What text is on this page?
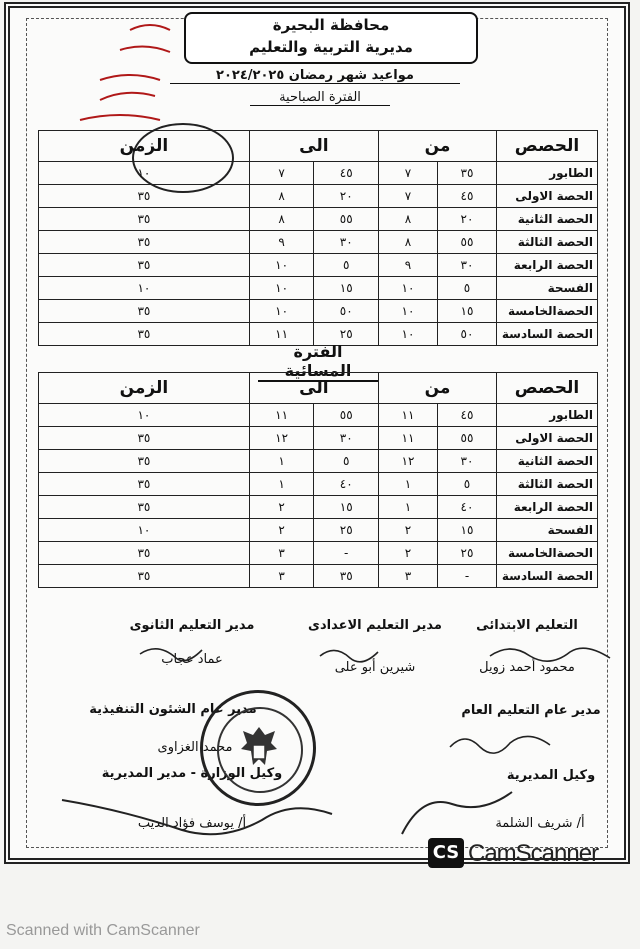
محافظة البحيرة
مديرية التربية والتعليم
مواعيد شهر رمضان ٢٠٢٤/٢٠٢٥
الفترة الصباحية
الحصص	من		الى		الزمن
الطابور	٣٥	٧	٤٥	٧	١٠
الحصة الاولى	٤٥	٧	٢٠	٨	٣٥
الحصة الثانية	٢٠	٨	٥٥	٨	٣٥
الحصة الثالثة	٥٥	٨	٣٠	٩	٣٥
الحصة الرابعة	٣٠	٩	٥	١٠	٣٥
الفسحة	٥	١٠	١٥	١٠	١٠
الحصةالخامسة	١٥	١٠	٥٠	١٠	٣٥
الحصة السادسة	٥٠	١٠	٢٥	١١	٣٥
الفترة المسائية
الحصص	من		الى		الزمن
الطابور	٤٥	١١	٥٥	١١	١٠
الحصة الاولى	٥٥	١١	٣٠	١٢	٣٥
الحصة الثانية	٣٠	١٢	٥	١	٣٥
الحصة الثالثة	٥	١	٤٠	١	٣٥
الحصة الرابعة	٤٠	١	١٥	٢	٣٥
الفسحة	١٥	٢	٢٥	٢	١٠
الحصةالخامسة	٢٥	٢	-	٣	٣٥
الحصة السادسة	-	٣	٣٥	٣	٣٥
التعليم الابتدائى
محمود أحمد زويل
مدير التعليم الاعدادى
شيرين أبو على
مدير التعليم الثانوى
عماد عجاب
مدير عام التعليم العام
مدير عام الشئون التنفيذية
محمد الغزاوى
وكيل المديرية
أ/ شريف الشلمة
وكيل الوزارة - مدير المديرية
أ/ يوسف فؤاد الديب
CS CamScanner
Scanned with CamScanner
